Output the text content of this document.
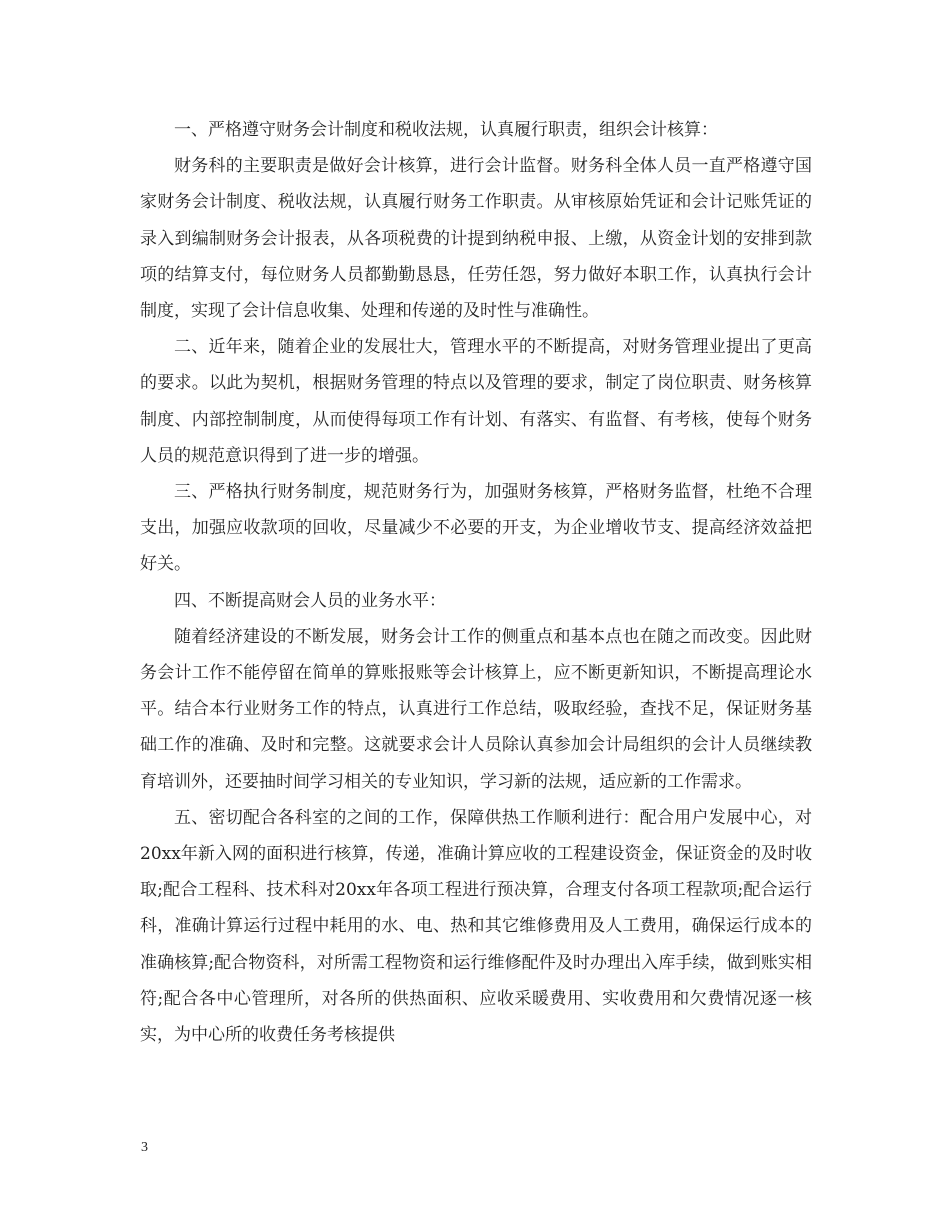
一、严格遵守财务会计制度和税收法规，认真履行职责，组织会计核算：

财务科的主要职责是做好会计核算，进行会计监督。财务科全体人员一直严格遵守国家财务会计制度、税收法规，认真履行财务工作职责。从审核原始凭证和会计记账凭证的录入到编制财务会计报表，从各项税费的计提到纳税申报、上缴，从资金计划的安排到款项的结算支付，每位财务人员都勤勤恳恳，任劳任怨，努力做好本职工作，认真执行会计制度，实现了会计信息收集、处理和传递的及时性与准确性。

二、近年来，随着企业的发展壮大，管理水平的不断提高，对财务管理业提出了更高的要求。以此为契机，根据财务管理的特点以及管理的要求，制定了岗位职责、财务核算制度、内部控制制度，从而使得每项工作有计划、有落实、有监督、有考核，使每个财务人员的规范意识得到了进一步的增强。

三、严格执行财务制度，规范财务行为，加强财务核算，严格财务监督，杜绝不合理支出，加强应收款项的回收，尽量减少不必要的开支，为企业增收节支、提高经济效益把好关。

四、不断提高财会人员的业务水平：

随着经济建设的不断发展，财务会计工作的侧重点和基本点也在随之而改变。因此财务会计工作不能停留在简单的算账报账等会计核算上，应不断更新知识，不断提高理论水平。结合本行业财务工作的特点，认真进行工作总结，吸取经验，查找不足，保证财务基础工作的准确、及时和完整。这就要求会计人员除认真参加会计局组织的会计人员继续教育培训外，还要抽时间学习相关的专业知识，学习新的法规，适应新的工作需求。

五、密切配合各科室的之间的工作，保障供热工作顺利进行：配合用户发展中心，对20xx年新入网的面积进行核算，传递，准确计算应收的工程建设资金，保证资金的及时收取;配合工程科、技术科对20xx年各项工程进行预决算，合理支付各项工程款项;配合运行科，准确计算运行过程中耗用的水、电、热和其它维修费用及人工费用，确保运行成本的准确核算;配合物资科，对所需工程物资和运行维修配件及时办理出入库手续，做到账实相符;配合各中心管理所，对各所的供热面积、应收采暖费用、实收费用和欠费情况逐一核实，为中心所的收费任务考核提供

3
